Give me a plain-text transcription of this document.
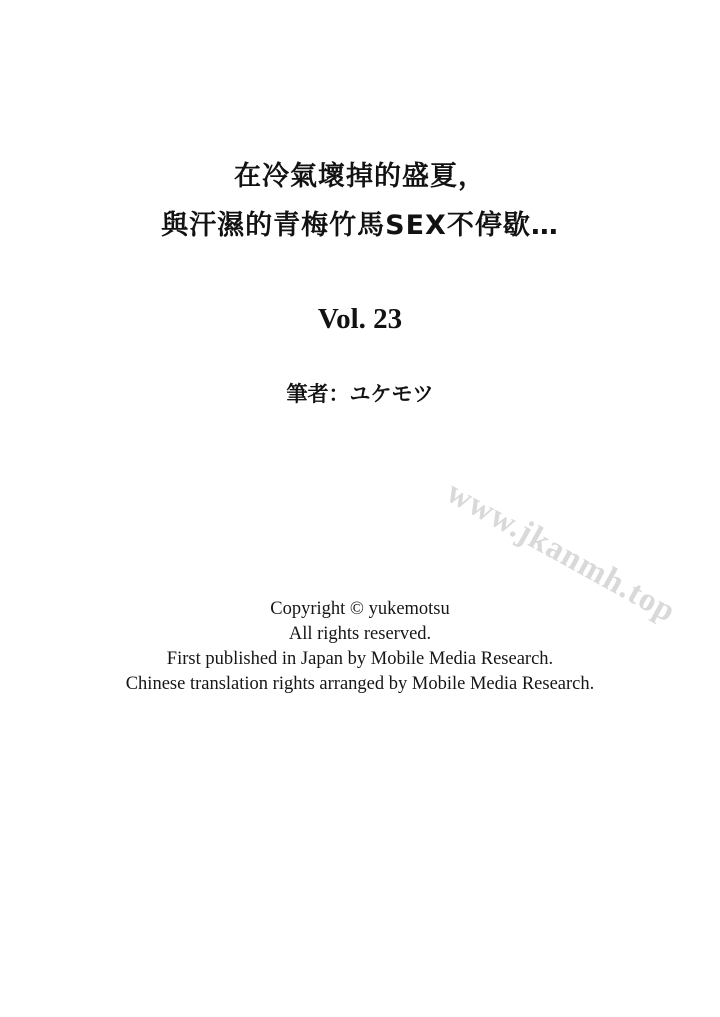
在冷氣壞掉的盛夏，
與汗濕的青梅竹馬SEX不停歇…
Vol. 23
筆者：ユケモツ
www.jkanmh.top
Copyright © yukemotsu
All rights reserved.
First published in Japan by Mobile Media Research.
Chinese translation rights arranged by Mobile Media Research.
